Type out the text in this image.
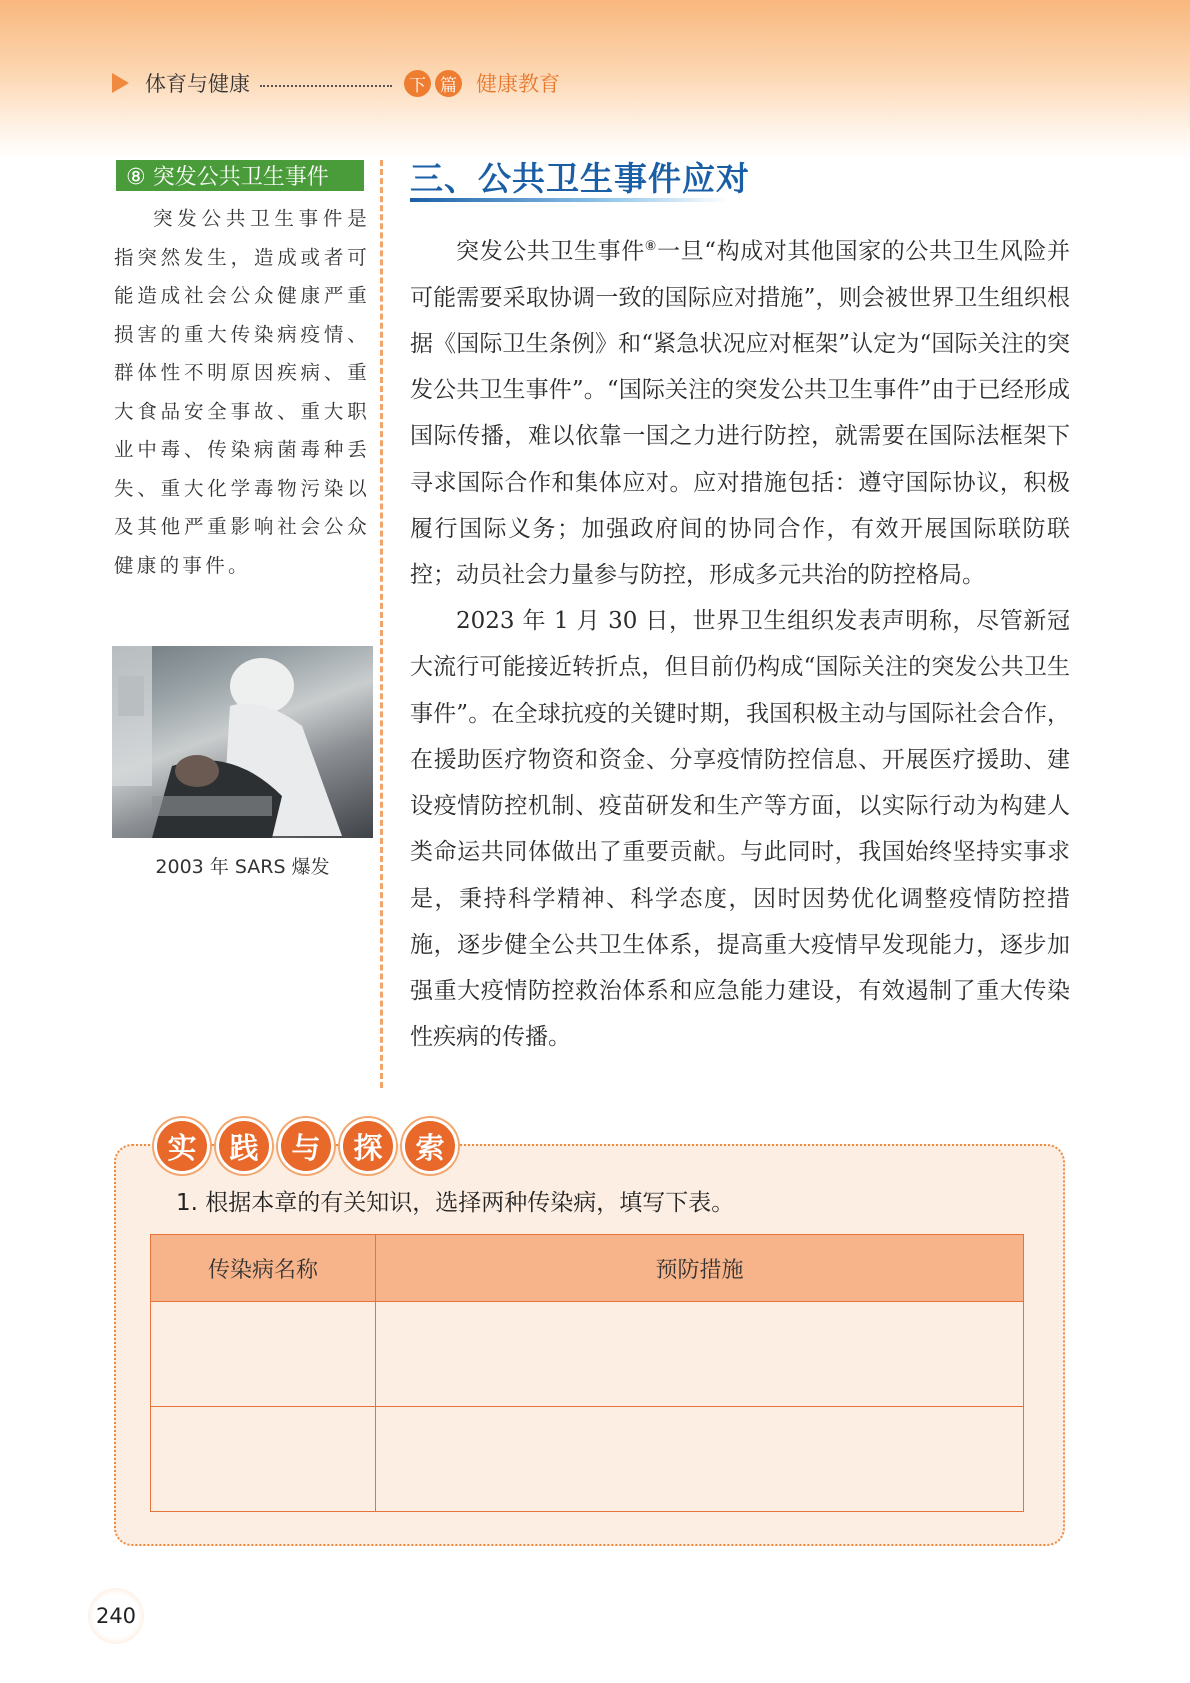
体育与健康	下 篇 健康教育
⑧ 突发公共卫生事件

突发公共卫生事件是指突然发生，造成或者可能造成社会公众健康严重损害的重大传染病疫情、群体性不明原因疾病、重大食品安全事故、重大职业中毒、传染病菌毒种丢失、重大化学毒物污染以及其他严重影响社会公众健康的事件。

2003 年 SARS 爆发
三、公共卫生事件应对

突发公共卫生事件⑧一旦“构成对其他国家的公共卫生风险并可能需要采取协调一致的国际应对措施”，则会被世界卫生组织根据《国际卫生条例》和“紧急状况应对框架”认定为“国际关注的突发公共卫生事件”。“国际关注的突发公共卫生事件”由于已经形成国际传播，难以依靠一国之力进行防控，就需要在国际法框架下寻求国际合作和集体应对。应对措施包括：遵守国际协议，积极履行国际义务；加强政府间的协同合作，有效开展国际联防联控；动员社会力量参与防控，形成多元共治的防控格局。

2023 年 1 月 30 日，世界卫生组织发表声明称，尽管新冠大流行可能接近转折点，但目前仍构成“国际关注的突发公共卫生事件”。在全球抗疫的关键时期，我国积极主动与国际社会合作，在援助医疗物资和资金、分享疫情防控信息、开展医疗援助、建设疫情防控机制、疫苗研发和生产等方面，以实际行动为构建人类命运共同体做出了重要贡献。与此同时，我国始终坚持实事求是，秉持科学精神、科学态度，因时因势优化调整疫情防控措施，逐步健全公共卫生体系，提高重大疫情早发现能力，逐步加强重大疫情防控救治体系和应急能力建设，有效遏制了重大传染性疾病的传播。

实	践	与	探	索
1. 根据本章的有关知识，选择两种传染病，填写下表。
传染病名称	预防措施

240
